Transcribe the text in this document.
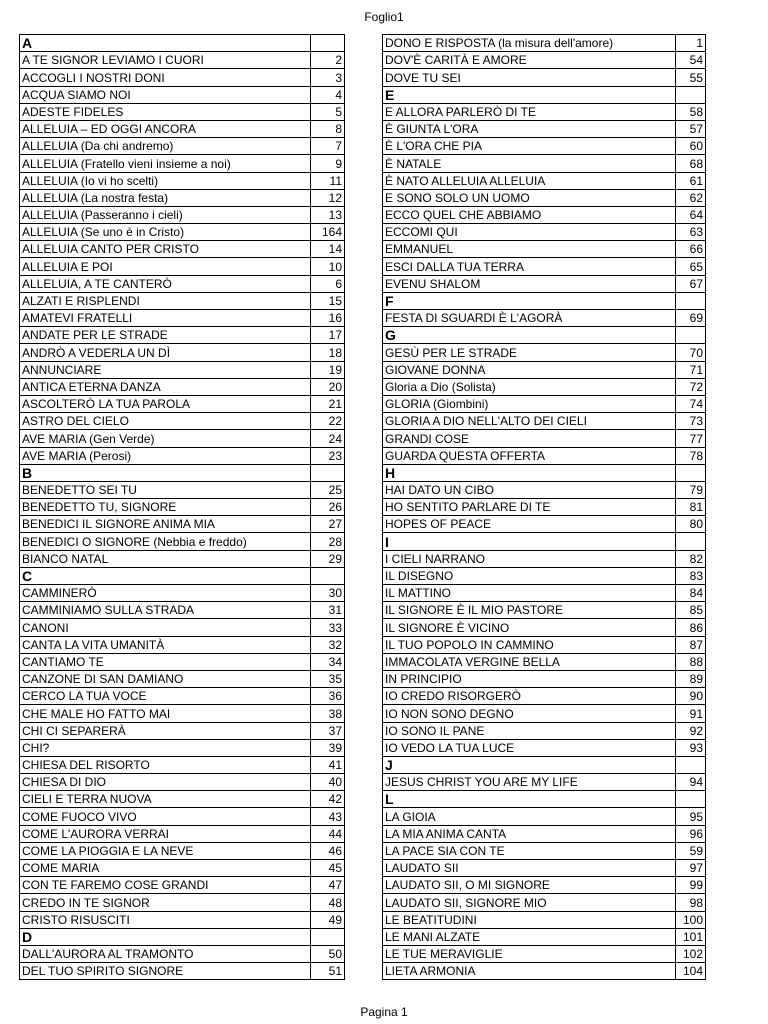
Foglio1
A	
A TE SIGNOR LEVIAMO I CUORI	2
ACCOGLI I NOSTRI DONI	3
ACQUA SIAMO NOI	4
ADESTE FIDELES	5
ALLELUIA – ED OGGI ANCORA	8
ALLELUIA (Da chi andremo)	7
ALLELUIA (Fratello vieni insieme a noi)	9
ALLELUIA (Io vi ho scelti)	11
ALLELUIA (La nostra festa)	12
ALLELUIA (Passeranno i cieli)	13
ALLELUIA (Se uno è in Cristo)	164
ALLELUIA CANTO PER CRISTO	14
ALLELUIA E POI	10
ALLELUIA, A TE CANTERÒ	6
ALZATI E RISPLENDI	15
AMATEVI FRATELLI	16
ANDATE PER LE STRADE	17
ANDRÒ A VEDERLA UN DÌ	18
ANNUNCIARE	19
ANTICA ETERNA DANZA	20
ASCOLTERÒ LA TUA PAROLA	21
ASTRO DEL CIELO	22
AVE MARIA (Gen Verde)	24
AVE MARIA (Perosi)	23
B	
BENEDETTO SEI TU	25
BENEDETTO TU, SIGNORE	26
BENEDICI IL SIGNORE ANIMA MIA	27
BENEDICI O SIGNORE (Nebbia e freddo)	28
BIANCO NATAL	29
C	
CAMMINERÒ	30
CAMMINIAMO SULLA STRADA	31
CANONI	33
CANTA LA VITA UMANITÀ	32
CANTIAMO TE	34
CANZONE DI SAN DAMIANO	35
CERCO LA TUA VOCE	36
CHE MALE HO FATTO MAI	38
CHI CI SEPARERÀ	37
CHI?	39
CHIESA DEL RISORTO	41
CHIESA DI DIO	40
CIELI E TERRA NUOVA	42
COME FUOCO VIVO	43
COME L'AURORA VERRAI	44
COME LA PIOGGIA E LA NEVE	46
COME MARIA	45
CON TE FAREMO COSE GRANDI	47
CREDO IN TE SIGNOR	48
CRISTO RISUSCITI	49
D	
DALL'AURORA AL TRAMONTO	50
DEL TUO SPIRITO SIGNORE	51
DONO E RISPOSTA (la misura dell'amore)	1
DOV'È CARITÀ E AMORE	54
DOVE TU SEI	55
E	
E ALLORA PARLERÒ DI TE	58
È GIUNTA L'ORA	57
È L'ORA CHE PIA	60
È NATALE	68
È NATO ALLELUIA ALLELUIA	61
E SONO SOLO UN UOMO	62
ECCO QUEL CHE ABBIAMO	64
ECCOMI QUI	63
EMMANUEL	66
ESCI DALLA TUA TERRA	65
EVENU SHALOM	67
F	
FESTA DI SGUARDI È L'AGORÀ	69
G	
GESÙ PER LE STRADE	70
GIOVANE DONNA	71
Gloria a Dio (Solista)	72
GLORIA (Giombini)	74
GLORIA A DIO NELL'ALTO DEI CIELI	73
GRANDI COSE	77
GUARDA QUESTA OFFERTA	78
H	
HAI DATO UN CIBO	79
HO SENTITO PARLARE DI TE	81
HOPES OF PEACE	80
I	
I CIELI NARRANO	82
IL DISEGNO	83
IL MATTINO	84
IL SIGNORE È IL MIO PASTORE	85
IL SIGNORE È VICINO	86
IL TUO POPOLO IN CAMMINO	87
IMMACOLATA VERGINE BELLA	88
IN PRINCIPIO	89
IO CREDO RISORGERÒ	90
IO NON SONO DEGNO	91
IO SONO IL PANE	92
IO VEDO LA TUA LUCE	93
J	
JESUS CHRIST YOU ARE MY LIFE	94
L	
LA GIOIA	95
LA MIA ANIMA CANTA	96
LA PACE SIA CON TE	59
LAUDATO SII	97
LAUDATO SII, O MI SIGNORE	99
LAUDATO SII, SIGNORE MIO	98
LE BEATITUDINI	100
LE MANI ALZATE	101
LE TUE MERAVIGLIE	102
LIETA ARMONIA	104
Pagina 1
